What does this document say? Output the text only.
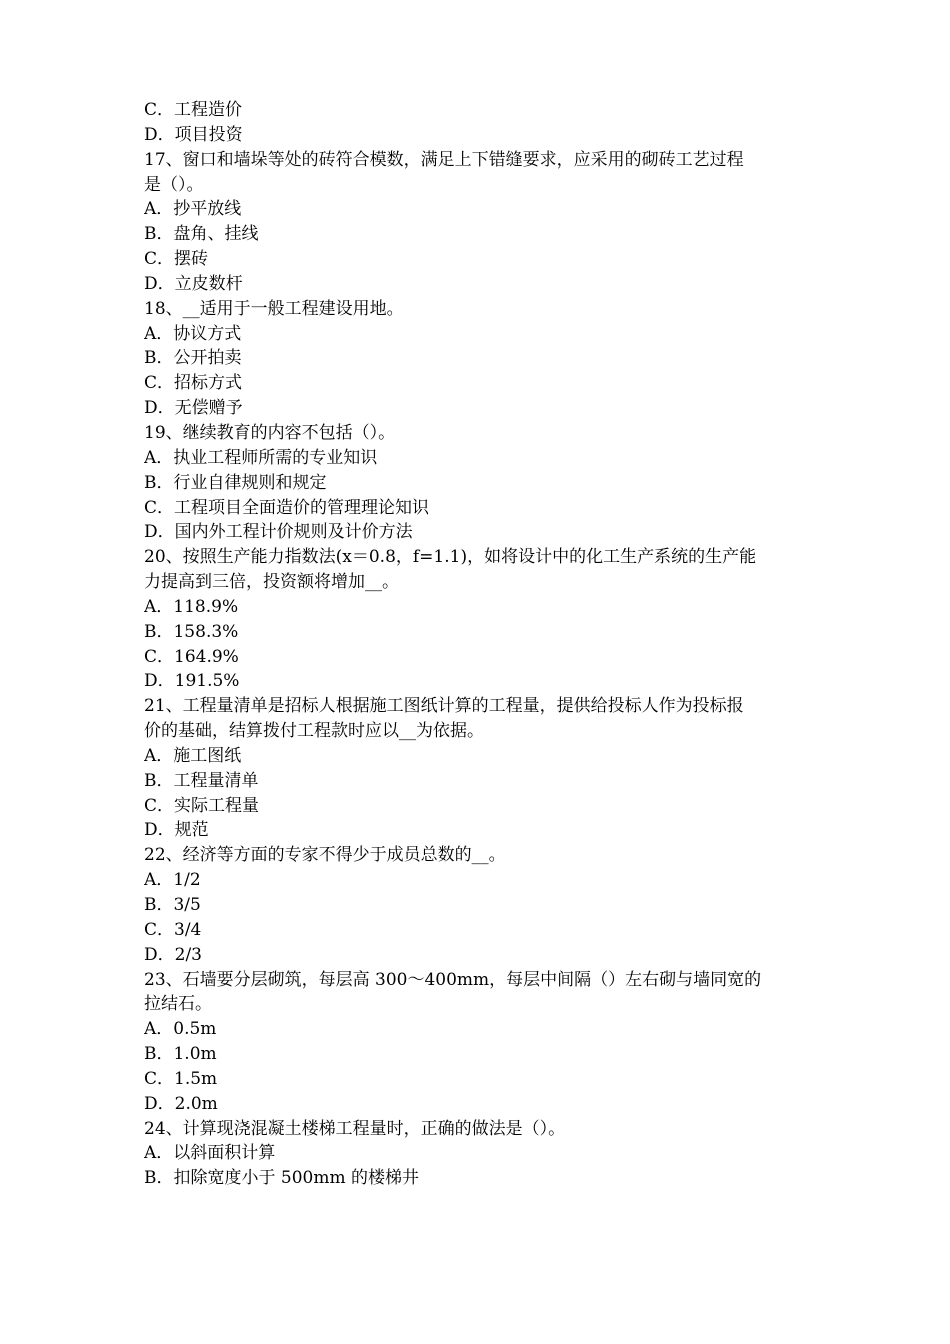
C．工程造价
D．项目投资
17、窗口和墙垛等处的砖符合模数，满足上下错缝要求，应采用的砌砖工艺过程
是（）。
A．抄平放线
B．盘角、挂线
C．摆砖
D．立皮数杆
18、__适用于一般工程建设用地。
A．协议方式
B．公开拍卖
C．招标方式
D．无偿赠予
19、继续教育的内容不包括（）。
A．执业工程师所需的专业知识
B．行业自律规则和规定
C．工程项目全面造价的管理理论知识
D．国内外工程计价规则及计价方法
20、按照生产能力指数法(x＝0.8，f=1.1)，如将设计中的化工生产系统的生产能
力提高到三倍，投资额将增加__。
A．118.9%
B．158.3%
C．164.9%
D．191.5%
21、工程量清单是招标人根据施工图纸计算的工程量，提供给投标人作为投标报
价的基础，结算拨付工程款时应以__为依据。
A．施工图纸
B．工程量清单
C．实际工程量
D．规范
22、经济等方面的专家不得少于成员总数的__。
A．1/2
B．3/5
C．3/4
D．2/3
23、石墙要分层砌筑，每层高 300～400mm，每层中间隔（）左右砌与墙同宽的
拉结石。
A．0.5m
B．1.0m
C．1.5m
D．2.0m
24、计算现浇混凝土楼梯工程量时，正确的做法是（）。
A．以斜面积计算
B．扣除宽度小于 500mm 的楼梯井
